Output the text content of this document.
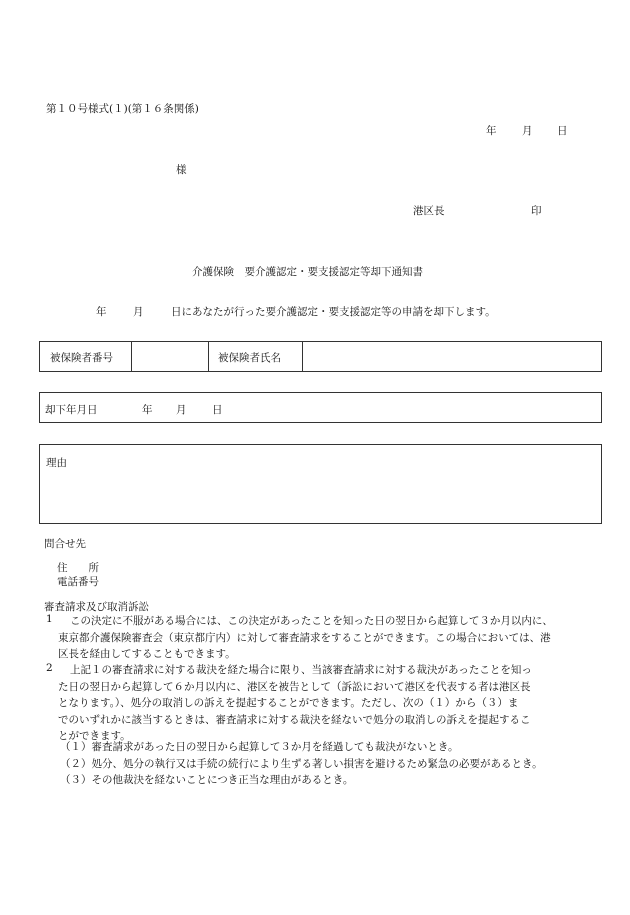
第１０号様式(１)(第１６条関係)
年 月 日
様
港区長	印
介護保険　要介護認定・要支援認定等却下通知書
年	月	日にあなたが行った要介護認定・要支援認定等の申請を却下します。
被保険者番号	被保険者氏名
却下年月日	年 月 日
理由
問合せ先
住　　所
電話番号
審査請求及び取消訴訟
1	この決定に不服がある場合には、この決定があったことを知った日の翌日から起算して３か月以内に、
東京都介護保険審査会（東京都庁内）に対して審査請求をすることができます。この場合においては、港
区長を経由してすることもできます。
2	上記１の審査請求に対する裁決を経た場合に限り、当該審査請求に対する裁決があったことを知っ
た日の翌日から起算して６か月以内に、港区を被告として（訴訟において港区を代表する者は港区長
となります。）、処分の取消しの訴えを提起することができます。ただし、次の（１）から（３）ま
でのいずれかに該当するときは、審査請求に対する裁決を経ないで処分の取消しの訴えを提起するこ
とができます。
（１）審査請求があった日の翌日から起算して３か月を経過しても裁決がないとき。
（２）処分、処分の執行又は手続の続行により生ずる著しい損害を避けるため緊急の必要があるとき。
（３）その他裁決を経ないことにつき正当な理由があるとき。
